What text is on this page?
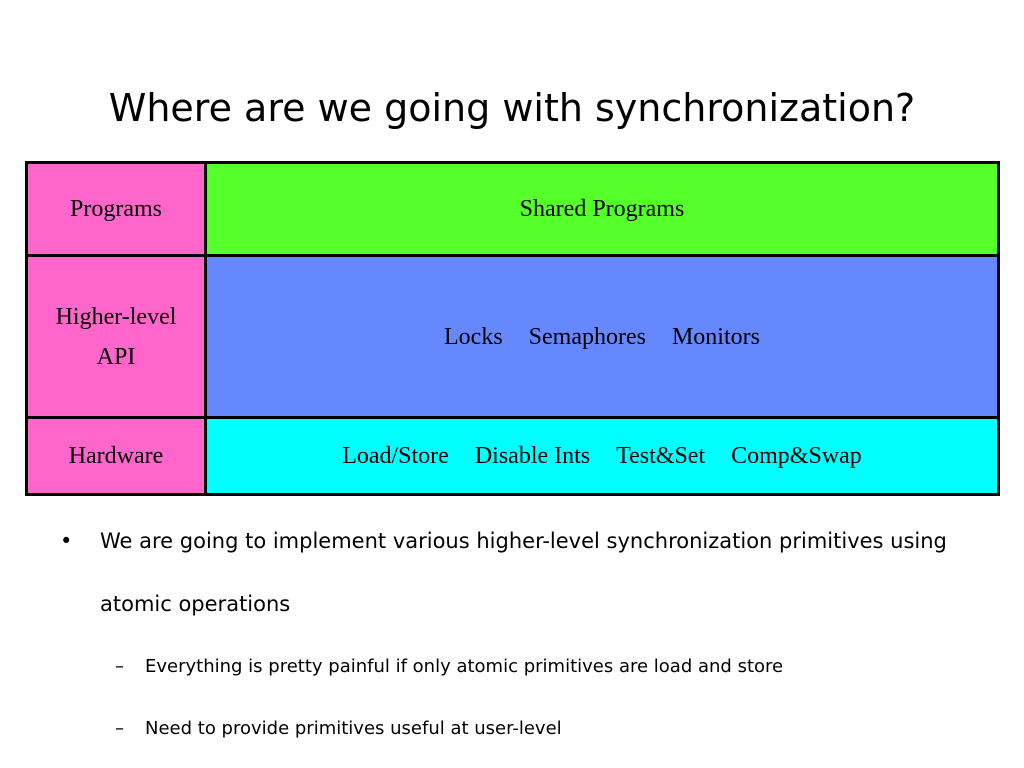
Where are we going with synchronization?
Programs	Shared Programs
Higher-level API	Locks Semaphores Monitors
Hardware	Load/Store Disable Ints Test&Set Comp&Swap
• We are going to implement various higher-level synchronization primitives using atomic operations
– Everything is pretty painful if only atomic primitives are load and store
– Need to provide primitives useful at user-level
